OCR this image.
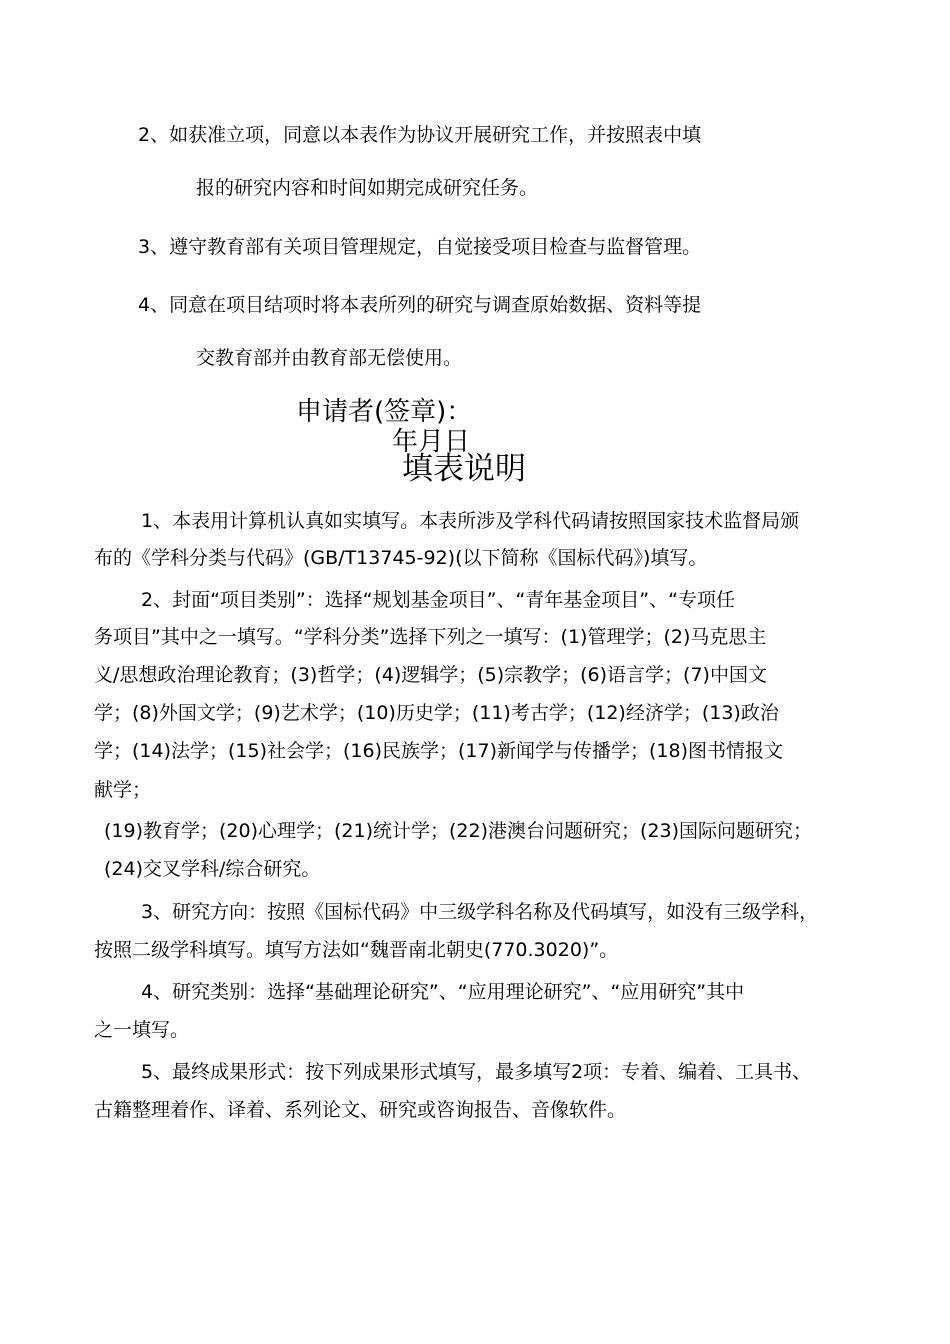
2、如获准立项，同意以本表作为协议开展研究工作，并按照表中填
报的研究内容和时间如期完成研究任务。
3、遵守教育部有关项目管理规定，自觉接受项目检查与监督管理。
4、同意在项目结项时将本表所列的研究与调查原始数据、资料等提
交教育部并由教育部无偿使用。
申请者(签章)：
年月日
填表说明
1、本表用计算机认真如实填写。本表所涉及学科代码请按照国家技术监督局颁
布的《学科分类与代码》(GB/T13745-92)(以下简称《国标代码》)填写。
2、封面“项目类别”：选择“规划基金项目”、“青年基金项目”、“专项任
务项目”其中之一填写。“学科分类”选择下列之一填写：(1)管理学；(2)马克思主
义/思想政治理论教育；(3)哲学；(4)逻辑学；(5)宗教学；(6)语言学；(7)中国文
学；(8)外国文学；(9)艺术学；(10)历史学；(11)考古学；(12)经济学；(13)政治
学；(14)法学；(15)社会学；(16)民族学；(17)新闻学与传播学；(18)图书情报文
献学；
(19)教育学；(20)心理学；(21)统计学；(22)港澳台问题研究；(23)国际问题研究；
(24)交叉学科/综合研究。
3、研究方向：按照《国标代码》中三级学科名称及代码填写，如没有三级学科，
按照二级学科填写。填写方法如“魏晋南北朝史(770.3020)”。
4、研究类别：选择“基础理论研究”、“应用理论研究”、“应用研究”其中
之一填写。
5、最终成果形式：按下列成果形式填写，最多填写2项：专着、编着、工具书、
古籍整理着作、译着、系列论文、研究或咨询报告、音像软件。
